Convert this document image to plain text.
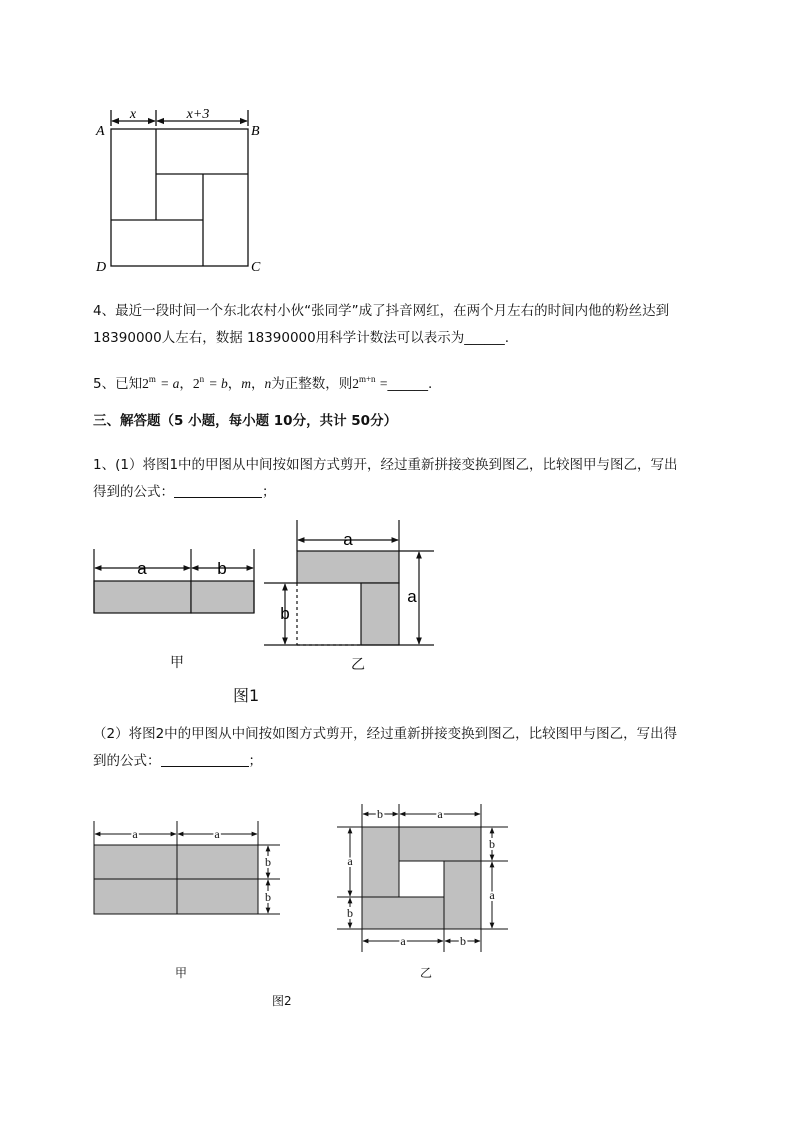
x	x+3
A	B
D	C
4、最近一段时间一个东北农村小伙“张同学”成了抖音网红，在两个月左右的时间内他的粉丝达到
18390000人左右，数据 18390000用科学计数法可以表示为______.
5、已知$2^m = a$，$2^n = b$，m，n为正整数，则$2^{m+n}$ =______.
三、解答题（5 小题，每小题 10分，共计 50分）
1、(1）将图1中的甲图从中间按如图方式剪开，经过重新拼接变换到图乙，比较图甲与图乙，写出
得到的公式：	；
a	b
a
b
a
甲	乙
图1
（2）将图2中的甲图从中间按如图方式剪开，经过重新拼接变换到图乙，比较图甲与图乙，写出得
到的公式：	；
a	a
b
b
b	a
a
b
b
a
a	b
甲	乙
图2
